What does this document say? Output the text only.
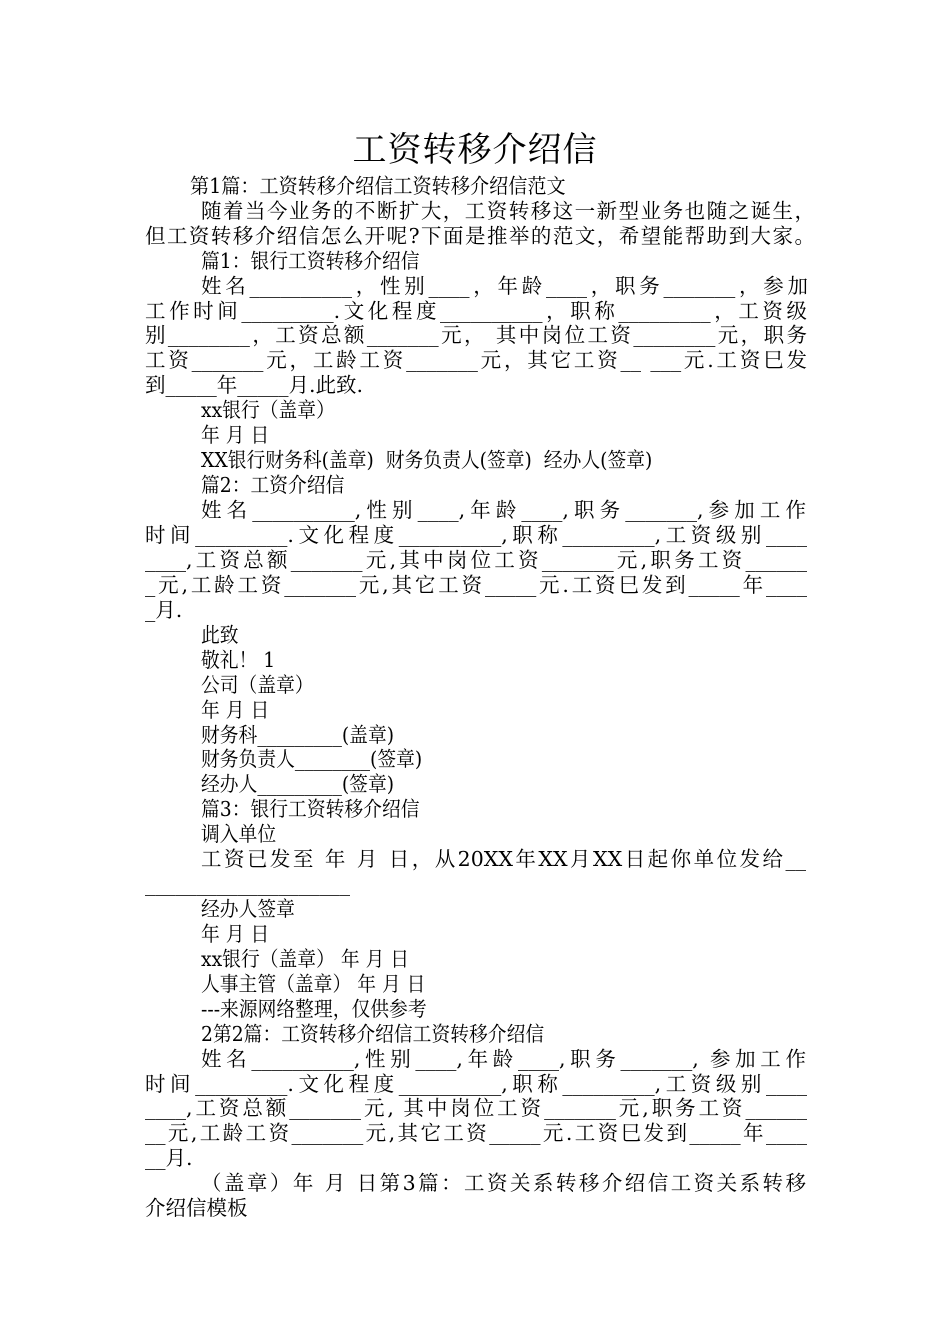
工资转移介绍信
第1篇：工资转移介绍信工资转移介绍信范文
随着当今业务的不断扩大，工资转移这一新型业务也随之诞生，
但工资转移介绍信怎么开呢?下面是推举的范文，希望能帮助到大家。
篇1：银行工资转移介绍信
姓名__________，性别____，年龄____，职务_______，参加
工作时间_________.文化程度__________，职称_________，工资级
别________，工资总额_______元， 其中岗位工资________元，职务
工资_______元，工龄工资_______元，其它工资__ ___元.工资巳发
到_____年_____月.此致.
xx银行（盖章）
年 月 日
XX银行财务科(盖章)  财务负责人(签章)  经办人(签章)
篇2：工资介绍信
姓名__________,性别____,年龄____,职务_______,参加工作
时间_________.文化程度__________,职称_________,工资级别____
____,工资总额_______元,其中岗位工资_______元,职务工资______
_元,工龄工资_______元,其它工资_____元.工资巳发到_____年____
_月.
此致
敬礼！ 1
公司（盖章）
年 月 日
财务科_________(盖章)
财务负责人________(签章)
经办人_________(签章)
篇3：银行工资转移介绍信
调入单位
工资已发至 年 月 日，从20XX年XX月XX日起你单位发给__
____________________
经办人签章
年 月 日
xx银行（盖章） 年 月 日
人事主管（盖章） 年 月 日
---来源网络整理，仅供参考
2第2篇：工资转移介绍信工资转移介绍信
姓名__________,性别____,年龄____,职务_______, 参加工作
时间_________.文化程度__________,职称_________,工资级别____
____,工资总额_______元, 其中岗位工资_______元,职务工资______
__元,工龄工资_______元,其它工资_____元.工资巳发到_____年____
__月.
（盖章）年 月 日第3篇：工资关系转移介绍信工资关系转移
介绍信模板
